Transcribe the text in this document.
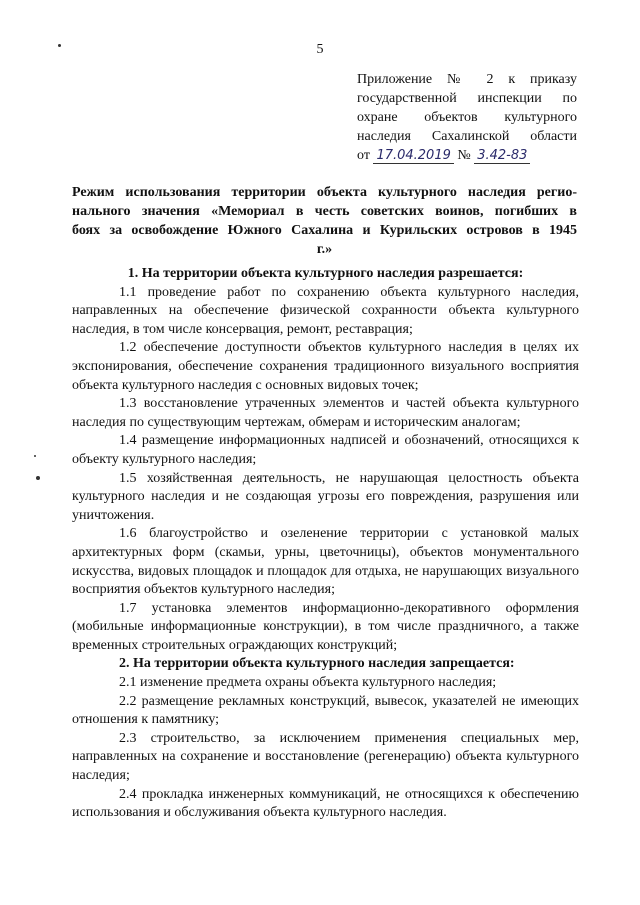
5
Приложение № 2 к приказу
государственной инспекции по
охране объектов культурного
наследия Сахалинской области
от 17.04.2019 № 3.42-83
Режим использования территории объекта культурного наследия регио-
нального значения «Мемориал в честь советских воинов, погибших в
боях за освобождение Южного Сахалина и Курильских островов в 1945
г.»

1. На территории объекта культурного наследия разрешается:

1.1 проведение работ по сохранению объекта культурного наследия, направленных на обеспечение физической сохранности объекта культурного наследия, в том числе консервация, ремонт, реставрация;

1.2 обеспечение доступности объектов культурного наследия в целях их экспонирования, обеспечение сохранения традиционного визуального восприятия объекта культурного наследия с основных видовых точек;

1.3 восстановление утраченных элементов и частей объекта культурного наследия по существующим чертежам, обмерам и историческим аналогам;

1.4 размещение информационных надписей и обозначений, относящихся к объекту культурного наследия;

1.5 хозяйственная деятельность, не нарушающая целостность объекта культурного наследия и не создающая угрозы его повреждения, разрушения или уничтожения.

1.6 благоустройство и озеленение территории с установкой малых архитектурных форм (скамьи, урны, цветочницы), объектов монументального искусства, видовых площадок и площадок для отдыха, не нарушающих визуального восприятия объектов культурного наследия;

1.7 установка элементов информационно-декоративного оформления (мобильные информационные конструкции), в том числе праздничного, а также временных строительных ограждающих конструкций;

2. На территории объекта культурного наследия запрещается:

2.1 изменение предмета охраны объекта культурного наследия;

2.2 размещение рекламных конструкций, вывесок, указателей не имеющих отношения к памятнику;

2.3 строительство, за исключением применения специальных мер, направленных на сохранение и восстановление (регенерацию) объекта культурного наследия;

2.4 прокладка инженерных коммуникаций, не относящихся к обеспечению использования и обслуживания объекта культурного наследия.
